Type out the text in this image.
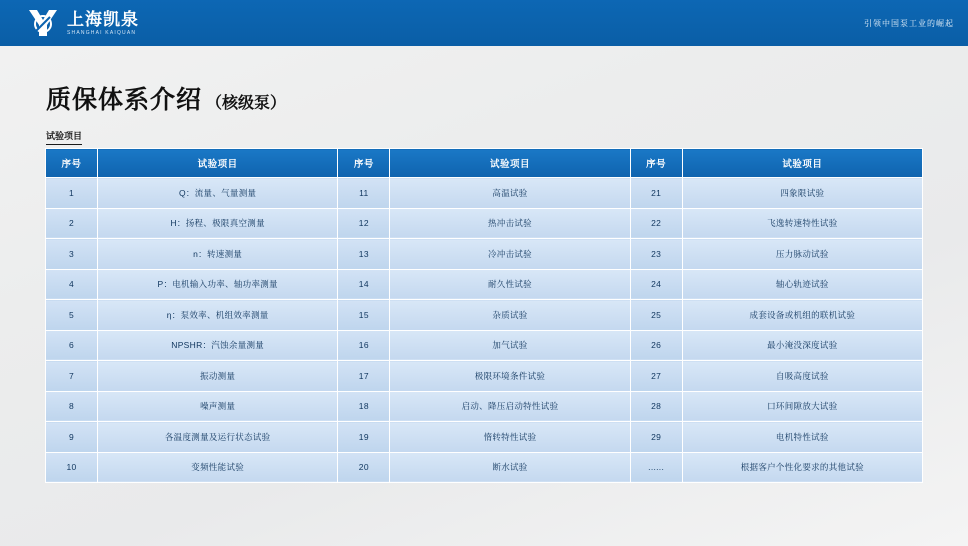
上海凯泉
SHANGHAI KAIQUAN
引领中国泵工业的崛起
质保体系介绍 （核级泵）
试验项目
序号	试验项目	序号	试验项目	序号	试验项目
1	Q：流量、气量测量	11	高温试验	21	四象限试验
2	H：扬程、极限真空测量	12	热冲击试验	22	飞逸转速特性试验
3	n：转速测量	13	冷冲击试验	23	压力脉动试验
4	P：电机输入功率、轴功率测量	14	耐久性试验	24	轴心轨迹试验
5	η：泵效率、机组效率测量	15	杂质试验	25	成套设备或机组的联机试验
6	NPSHR：汽蚀余量测量	16	加气试验	26	最小淹没深度试验
7	振动测量	17	极限环境条件试验	27	自吸高度试验
8	噪声测量	18	启动、降压启动特性试验	28	口环间隙放大试验
9	各温度测量及运行状态试验	19	惰转特性试验	29	电机特性试验
10	变频性能试验	20	断水试验	......	根据客户个性化要求的其他试验
